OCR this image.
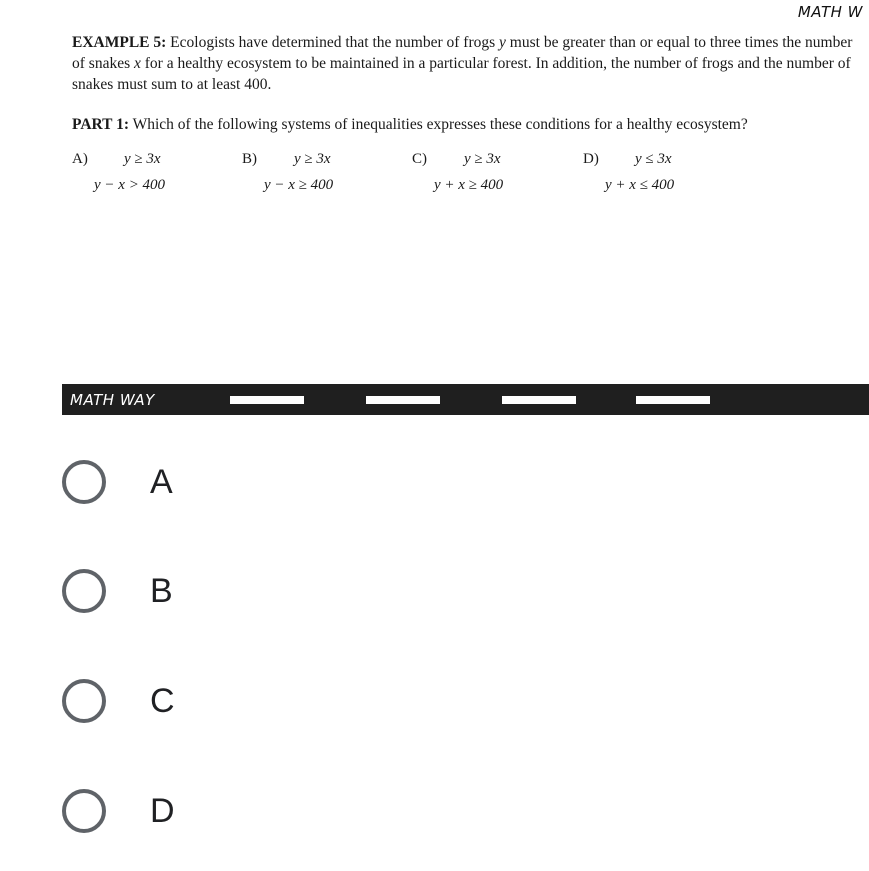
MATH W
EXAMPLE 5: Ecologists have determined that the number of frogs y must be greater than or equal to three times the number of snakes x for a healthy ecosystem to be maintained in a particular forest. In addition, the number of frogs and the number of snakes must sum to at least 400.
PART 1: Which of the following systems of inequalities expresses these conditions for a healthy ecosystem?
A) y ≥ 3x
y − x > 400
B) y ≥ 3x
y − x ≥ 400
C) y ≥ 3x
y + x ≥ 400
D) y ≤ 3x
y + x ≤ 400
MATH WAY
A
B
C
D
